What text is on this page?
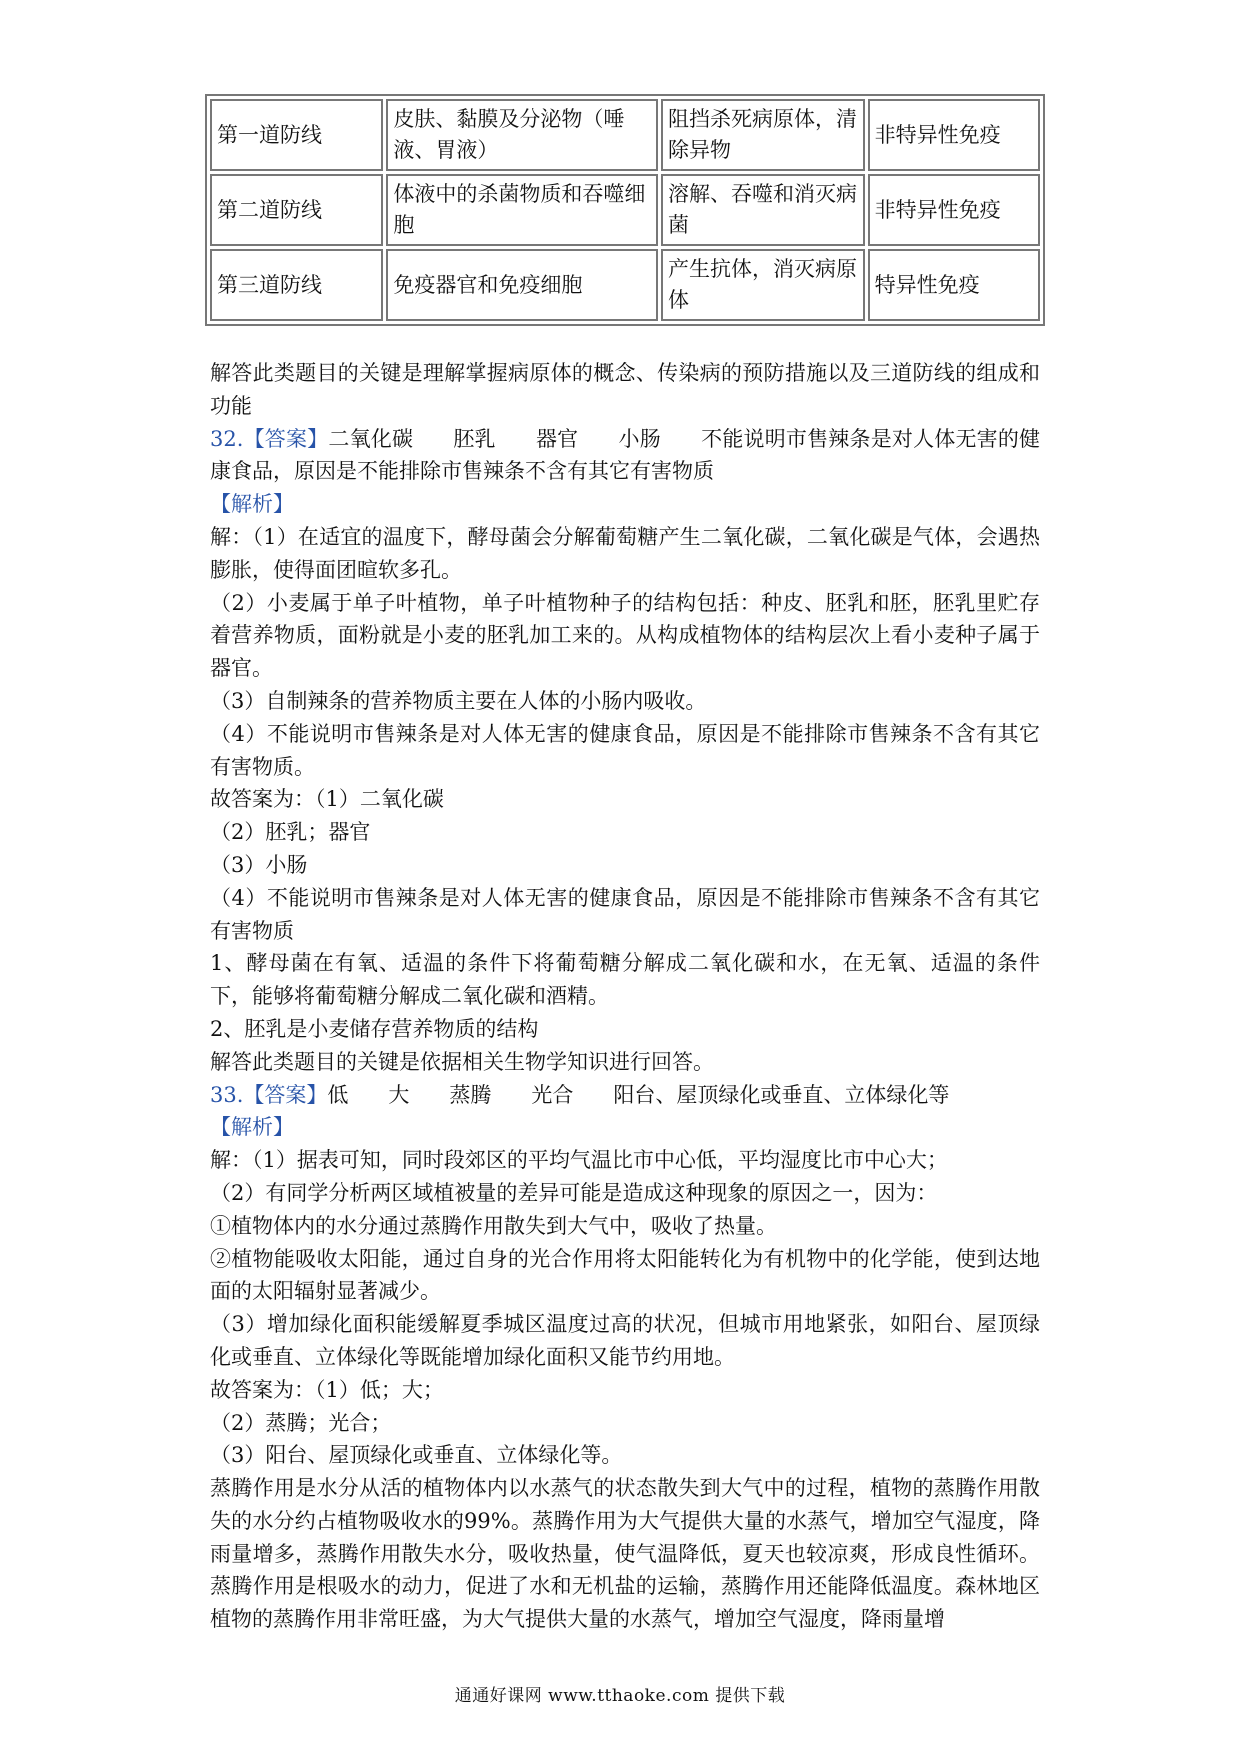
第一道防线	皮肤、黏膜及分泌物（唾液、胃液）	阻挡杀死病原体，清除异物	非特异性免疫
第二道防线	体液中的杀菌物质和吞噬细胞	溶解、吞噬和消灭病菌	非特异性免疫
第三道防线	免疫器官和免疫细胞	产生抗体，消灭病原体	特异性免疫

解答此类题目的关键是理解掌握病原体的概念、传染病的预防措施以及三道防线的组成和功能

32.【答案】二氧化碳 胚乳 器官 小肠 不能说明市售辣条是对人体无害的健康食品，原因是不能排除市售辣条不含有其它有害物质

【解析】

解：（1）在适宜的温度下，酵母菌会分解葡萄糖产生二氧化碳，二氧化碳是气体，会遇热膨胀，使得面团暄软多孔。

（2）小麦属于单子叶植物，单子叶植物种子的结构包括：种皮、胚乳和胚，胚乳里贮存着营养物质，面粉就是小麦的胚乳加工来的。从构成植物体的结构层次上看小麦种子属于器官。

（3）自制辣条的营养物质主要在人体的小肠内吸收。

（4）不能说明市售辣条是对人体无害的健康食品，原因是不能排除市售辣条不含有其它有害物质。

故答案为：（1）二氧化碳

（2）胚乳；器官

（3）小肠

（4）不能说明市售辣条是对人体无害的健康食品，原因是不能排除市售辣条不含有其它有害物质

1、酵母菌在有氧、适温的条件下将葡萄糖分解成二氧化碳和水，在无氧、适温的条件下，能够将葡萄糖分解成二氧化碳和酒精。

2、胚乳是小麦储存营养物质的结构

解答此类题目的关键是依据相关生物学知识进行回答。

33.【答案】低 大 蒸腾 光合 阳台、屋顶绿化或垂直、立体绿化等

【解析】

解：（1）据表可知，同时段郊区的平均气温比市中心低，平均湿度比市中心大；

（2）有同学分析两区域植被量的差异可能是造成这种现象的原因之一，因为：

①植物体内的水分通过蒸腾作用散失到大气中，吸收了热量。

②植物能吸收太阳能，通过自身的光合作用将太阳能转化为有机物中的化学能，使到达地面的太阳辐射显著减少。

（3）增加绿化面积能缓解夏季城区温度过高的状况，但城市用地紧张，如阳台、屋顶绿化或垂直、立体绿化等既能增加绿化面积又能节约用地。

故答案为：（1）低；大；

（2）蒸腾；光合；

（3）阳台、屋顶绿化或垂直、立体绿化等。

蒸腾作用是水分从活的植物体内以水蒸气的状态散失到大气中的过程，植物的蒸腾作用散失的水分约占植物吸收水的99%。蒸腾作用为大气提供大量的水蒸气，增加空气湿度，降雨量增多，蒸腾作用散失水分，吸收热量，使气温降低，夏天也较凉爽，形成良性循环。蒸腾作用是根吸水的动力，促进了水和无机盐的运输，蒸腾作用还能降低温度。森林地区植物的蒸腾作用非常旺盛，为大气提供大量的水蒸气，增加空气湿度，降雨量增

通通好课网 www.tthaoke.com 提供下载
